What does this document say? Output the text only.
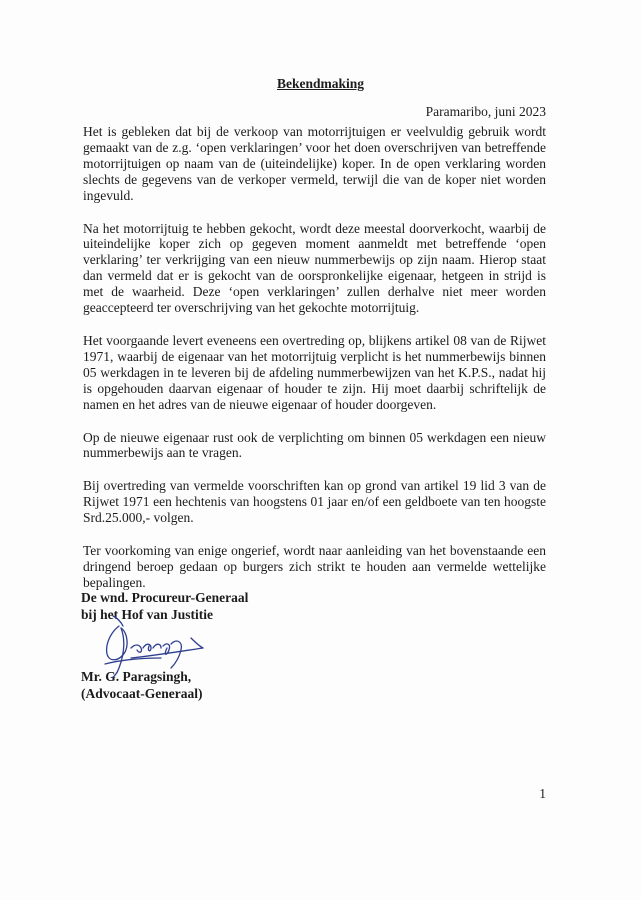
Bekendmaking

Paramaribo, juni 2023

Het is gebleken dat bij de verkoop van motorrijtuigen er veelvuldig gebruik wordt gemaakt van de z.g. ‘open verklaringen’ voor het doen overschrijven van betreffende motorrijtuigen op naam van de (uiteindelijke) koper. In de open verklaring worden slechts de gegevens van de verkoper vermeld, terwijl die van de koper niet worden ingevuld.

Na het motorrijtuig te hebben gekocht, wordt deze meestal doorverkocht, waarbij de uiteindelijke koper zich op gegeven moment aanmeldt met betreffende ‘open verklaring’ ter verkrijging van een nieuw nummerbewijs op zijn naam. Hierop staat dan vermeld dat er is gekocht van de oorspronkelijke eigenaar, hetgeen in strijd is met de waarheid. Deze ‘open verklaringen’ zullen derhalve niet meer worden geaccepteerd ter overschrijving van het gekochte motorrijtuig.

Het voorgaande levert eveneens een overtreding op, blijkens artikel 08 van de Rijwet 1971, waarbij de eigenaar van het motorrijtuig verplicht is het nummerbewijs binnen 05 werkdagen in te leveren bij de afdeling nummerbewijzen van het K.P.S., nadat hij is opgehouden daarvan eigenaar of houder te zijn. Hij moet daarbij schriftelijk de namen en het adres van de nieuwe eigenaar of houder doorgeven.

Op de nieuwe eigenaar rust ook de verplichting om binnen 05 werkdagen een nieuw nummerbewijs aan te vragen.

Bij overtreding van vermelde voorschriften kan op grond van artikel 19 lid 3 van de Rijwet 1971 een hechtenis van hoogstens 01 jaar en/of een geldboete van ten hoogste Srd.25.000,- volgen.

Ter voorkoming van enige ongerief, wordt naar aanleiding van het bovenstaande een dringend beroep gedaan op burgers zich strikt te houden aan vermelde wettelijke bepalingen.

De wnd. Procureur-Generaal

bij het Hof van Justitie

Mr. G. Paragsingh,

(Advocaat-Generaal)

1
